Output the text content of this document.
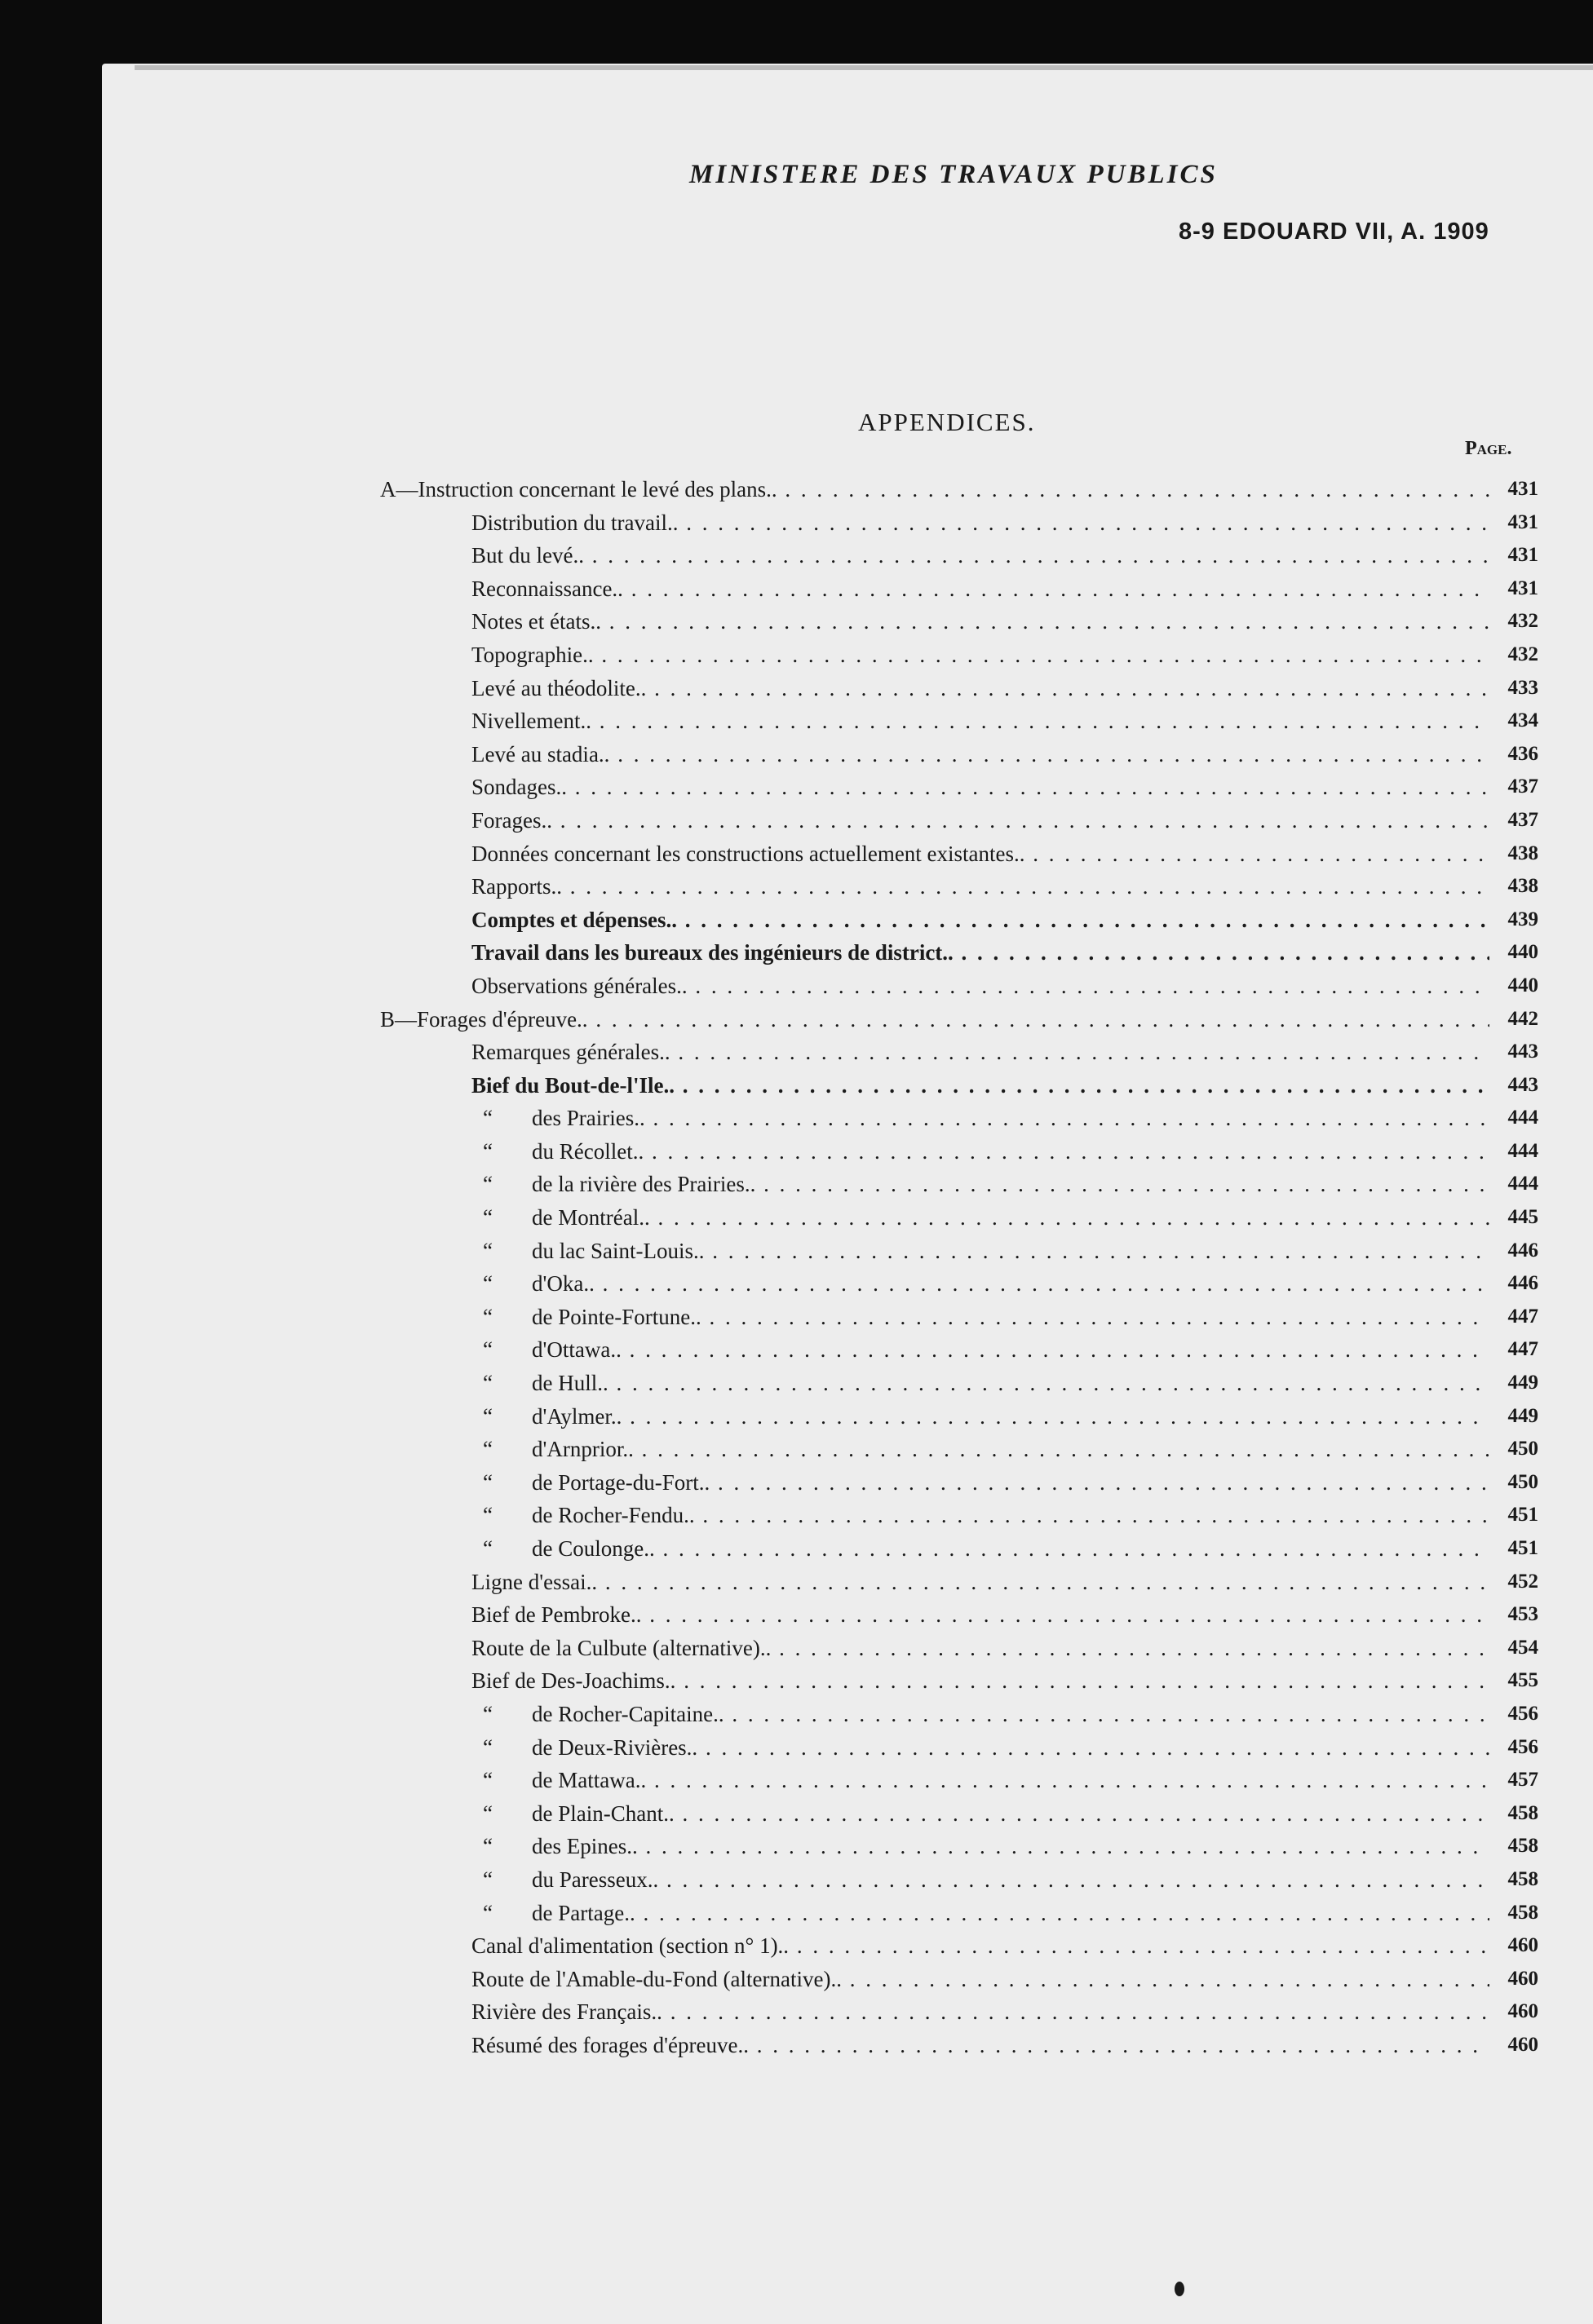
MINISTERE DES TRAVAUX PUBLICS
8-9 EDOUARD VII, A. 1909
APPENDICES.
Page.
A—Instruction concernant le levé des plans.. . . .	431
Distribution du travail.. . . .	431
But du levé.. . . .	431
Reconnaissance.. . . .	431
Notes et états.. . . .	432
Topographie.. . . .	432
Levé au théodolite.. . . .	433
Nivellement.. . . .	434
Levé au stadia.. . . .	436
Sondages.. . . .	437
Forages.. . . .	437
Données concernant les constructions actuellement existantes.. . . .	438
Rapports.. . . .	438
Comptes et dépenses.. . . .	439
Travail dans les bureaux des ingénieurs de district.. . . .	440
Observations générales.. . . .	440
B—Forages d'épreuve.. . . .	442
Remarques générales.. . . .	443
Bief du Bout-de-l'Ile.. . . .	443
“ des Prairies.. . . .	444
“ du Récollet.. . . .	444
“ de la rivière des Prairies.. . . .	444
“ de Montréal.. . . .	445
“ du lac Saint-Louis.. . . .	446
“ d'Oka.. . . .	446
“ de Pointe-Fortune.. . . .	447
“ d'Ottawa.. . . .	447
“ de Hull.. . . .	449
“ d'Aylmer.. . . .	449
“ d'Arnprior.. . . .	450
“ de Portage-du-Fort.. . . .	450
“ de Rocher-Fendu.. . . .	451
“ de Coulonge.. . . .	451
Ligne d'essai.. . . .	452
Bief de Pembroke.. . . .	453
Route de la Culbute (alternative).. . . .	454
Bief de Des-Joachims.. . . .	455
“ de Rocher-Capitaine.. . . .	456
“ de Deux-Rivières.. . . .	456
“ de Mattawa.. . . .	457
“ de Plain-Chant.. . . .	458
“ des Epines.. . . .	458
“ du Paresseux.. . . .	458
“ de Partage.. . . .	458
Canal d'alimentation (section n° 1).. . . .	460
Route de l'Amable-du-Fond (alternative).. . . .	460
Rivière des Français.. . . .	460
Résumé des forages d'épreuve.. . . .	460
